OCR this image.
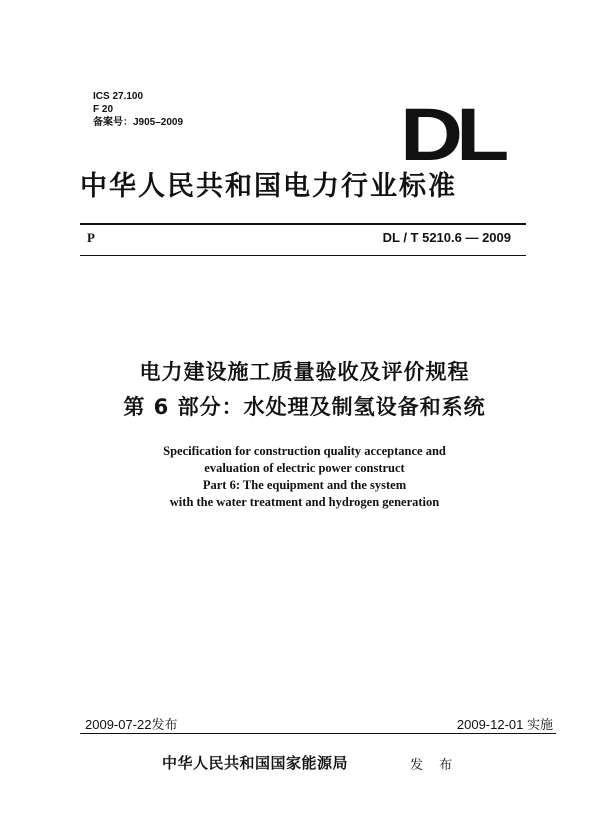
ICS 27.100
F 20
备案号：J905–2009	DL
中华人民共和国电力行业标准
P	DL / T 5210.6 — 2009
电力建设施工质量验收及评价规程
第 6 部分：水处理及制氢设备和系统
Specification for construction quality acceptance and
evaluation of electric power construct
Part 6: The equipment and the system
with the water treatment and hydrogen generation
2009-07-22发布	2009-12-01 实施
中华人民共和国国家能源局	发 布
